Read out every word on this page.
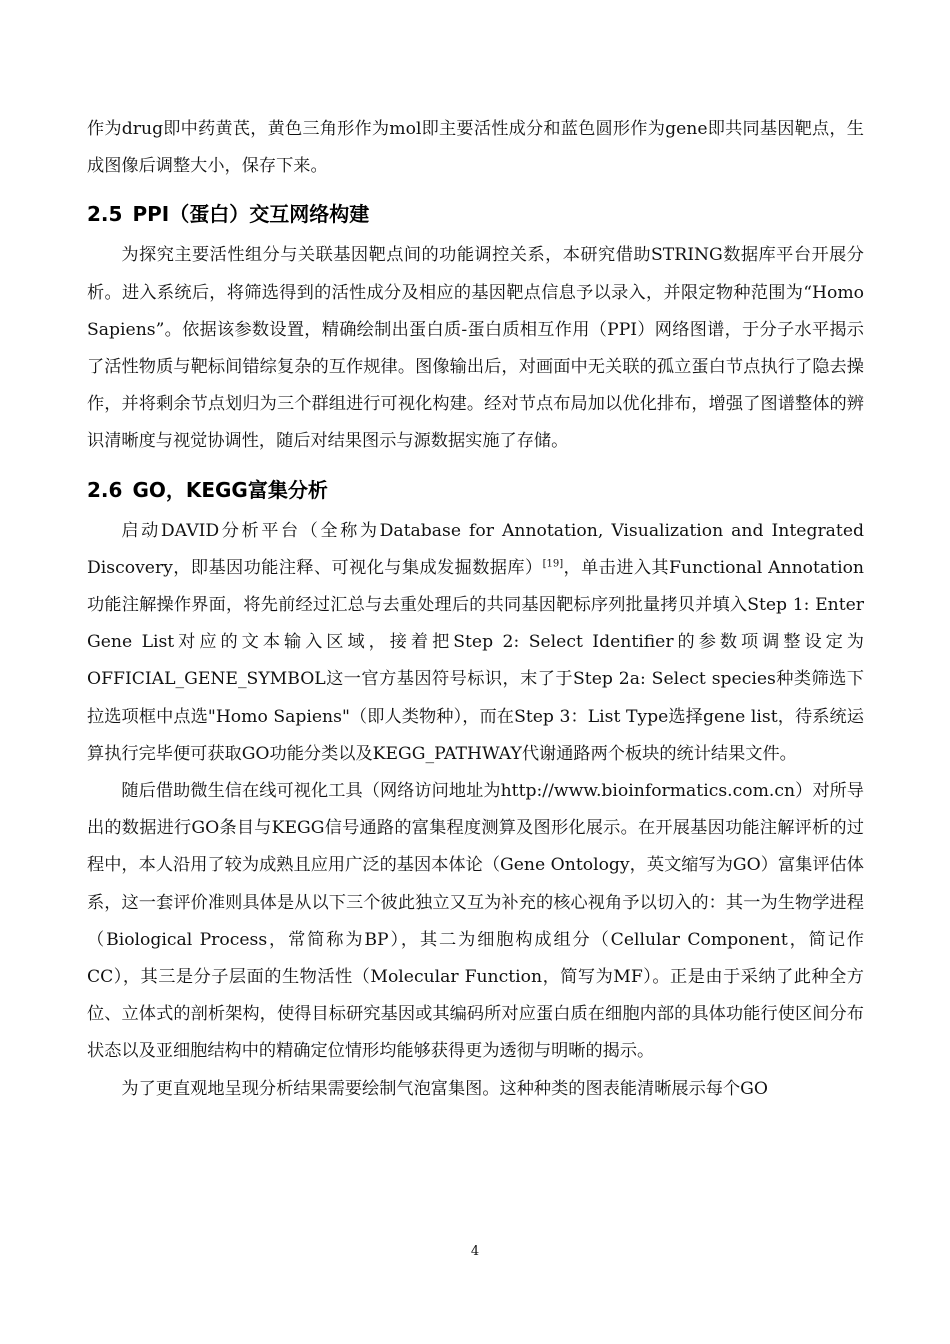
作为drug即中药黄芪，黄色三角形作为mol即主要活性成分和蓝色圆形作为gene即共同基因靶点，生成图像后调整大小，保存下来。

2.5 PPI（蛋白）交互网络构建

为探究主要活性组分与关联基因靶点间的功能调控关系，本研究借助STRING数据库平台开展分析。进入系统后，将筛选得到的活性成分及相应的基因靶点信息予以录入，并限定物种范围为“Homo Sapiens”。依据该参数设置，精确绘制出蛋白质-蛋白质相互作用（PPI）网络图谱，于分子水平揭示了活性物质与靶标间错综复杂的互作规律。图像输出后，对画面中无关联的孤立蛋白节点执行了隐去操作，并将剩余节点划归为三个群组进行可视化构建。经对节点布局加以优化排布，增强了图谱整体的辨识清晰度与视觉协调性，随后对结果图示与源数据实施了存储。

2.6 GO，KEGG富集分析

启动DAVID分析平台（全称为Database for Annotation, Visualization and Integrated Discovery，即基因功能注释、可视化与集成发掘数据库）[19]，单击进入其Functional Annotation功能注解操作界面，将先前经过汇总与去重处理后的共同基因靶标序列批量拷贝并填入Step 1: Enter Gene List对应的文本输入区域，接着把Step 2: Select Identifier的参数项调整设定为OFFICIAL_GENE_SYMBOL这一官方基因符号标识，末了于Step 2a: Select species种类筛选下拉选项框中点选"Homo Sapiens"（即人类物种），而在Step 3：List Type选择gene list，待系统运算执行完毕便可获取GO功能分类以及KEGG_PATHWAY代谢通路两个板块的统计结果文件。

随后借助微生信在线可视化工具（网络访问地址为http://www.bioinformatics.com.cn）对所导出的数据进行GO条目与KEGG信号通路的富集程度测算及图形化展示。在开展基因功能注解评析的过程中，本人沿用了较为成熟且应用广泛的基因本体论（Gene Ontology，英文缩写为GO）富集评估体系，这一套评价准则具体是从以下三个彼此独立又互为补充的核心视角予以切入的：其一为生物学进程（Biological Process，常简称为BP），其二为细胞构成组分（Cellular Component，简记作CC），其三是分子层面的生物活性（Molecular Function，简写为MF）。正是由于采纳了此种全方位、立体式的剖析架构，使得目标研究基因或其编码所对应蛋白质在细胞内部的具体功能行使区间分布状态以及亚细胞结构中的精确定位情形均能够获得更为透彻与明晰的揭示。

为了更直观地呈现分析结果需要绘制气泡富集图。这种种类的图表能清晰展示每个GO

4
